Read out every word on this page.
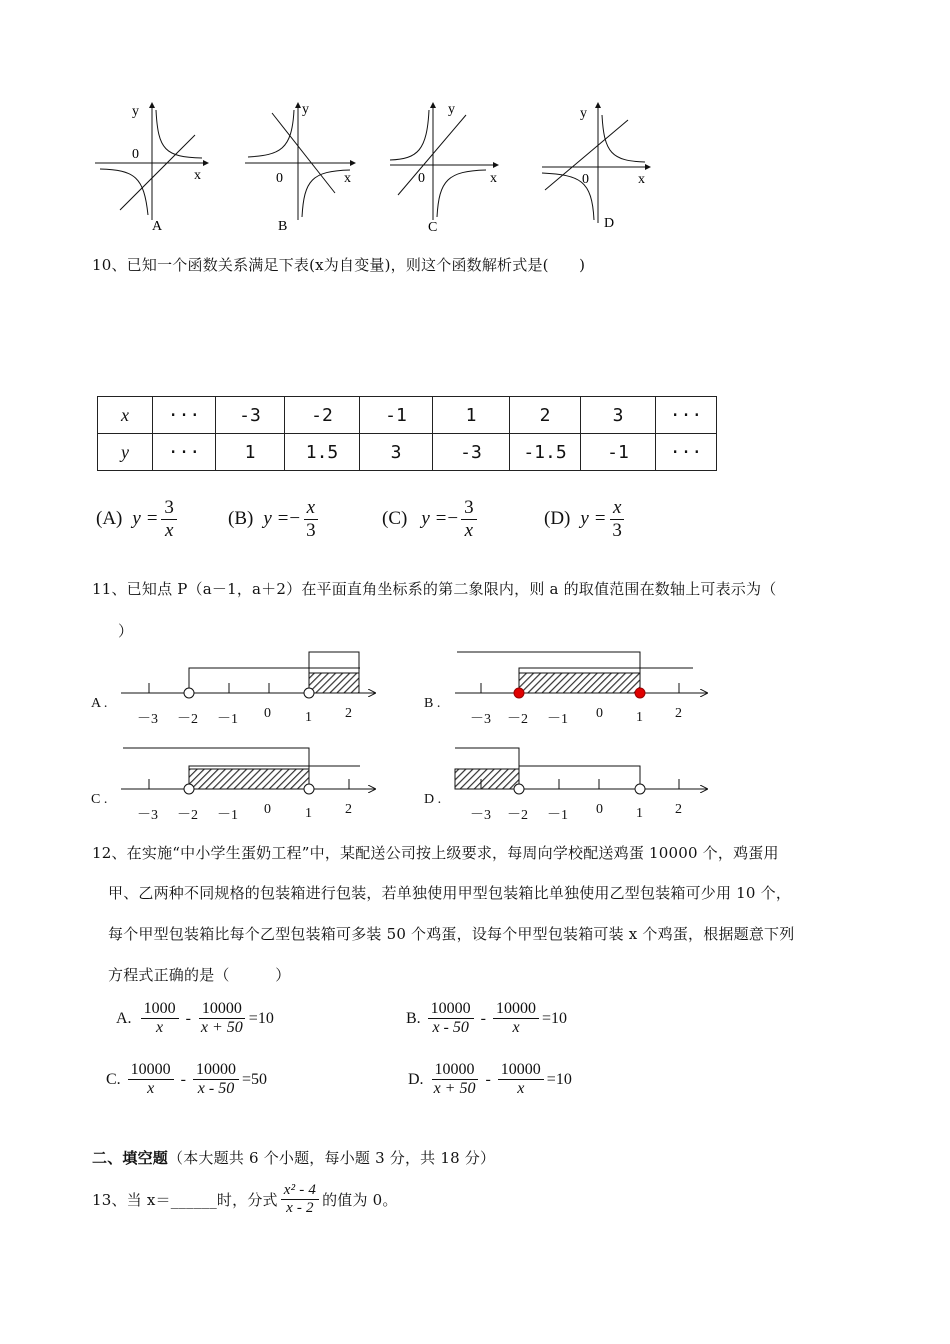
y
0
x
A
y
0	x
B
y
0	x
C
y
0	x
D
10、已知一个函数关系满足下表(x为自变量)，则这个函数解析式是(　　)
x	···	-3	-2	-1	1	2	3	···
y	···	1	1.5	3	-3	-1.5	-1	···
(A) $y = \frac{3}{x}$	(B) y = − $\frac{x}{3}$	(C) y = − $\frac{3}{x}$	(D) $y = \frac{x}{3}$
11、已知点 P（a－1，a＋2）在平面直角坐标系的第二象限内，则 a 的取值范围在数轴上可表示为（
）
A .	B .
C .	D .
－3 －2 －1 0 1 2	－3 －2 －1 0 1 2
－3 －2 －1 0 1 2	－3 －2 －1 0 1 2
12、在实施“中小学生蛋奶工程”中，某配送公司按上级要求，每周向学校配送鸡蛋 10000 个，鸡蛋用
甲、乙两种不同规格的包装箱进行包装，若单独使用甲型包装箱比单独使用乙型包装箱可少用 10 个，
每个甲型包装箱比每个乙型包装箱可多装 50 个鸡蛋，设每个甲型包装箱可装 x 个鸡蛋，根据题意下列
方程式正确的是（　　　）
A. $\frac{1000}{x} - \frac{10000}{x + 50} =10$	B. $\frac{10000}{x - 50} - \frac{10000}{x} =10$
C. $\frac{10000}{x} - \frac{10000}{x - 50} =50$	D. $\frac{10000}{x + 50} - \frac{10000}{x} =10$
二、填空题（本大题共 6 个小题，每小题 3 分，共 18 分）
13、当 x＝______时，分式 $\frac{\text{x² - 4}}{x - 2}$ 的值为 0。
